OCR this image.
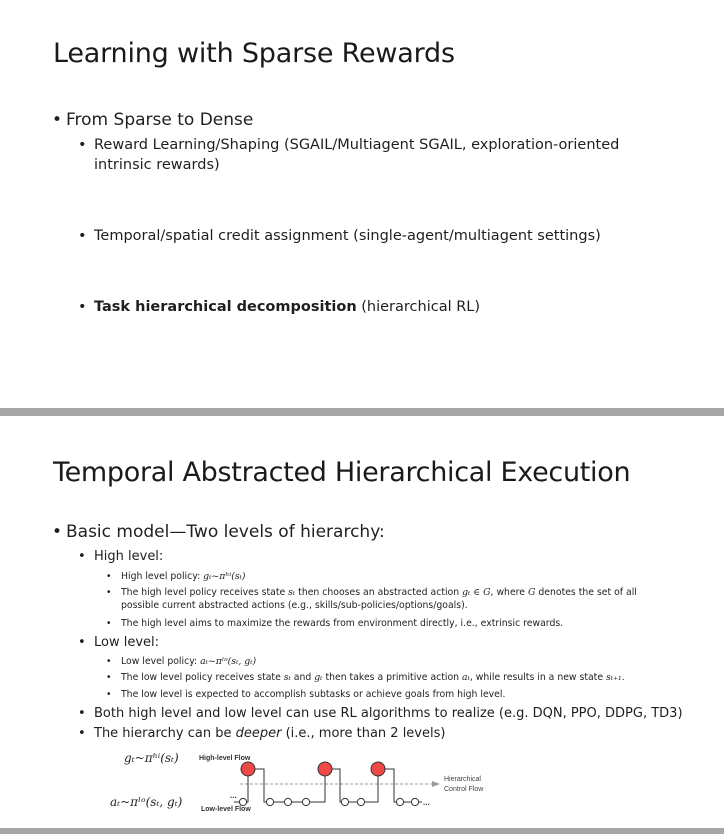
Learning with Sparse Rewards
• From Sparse to Dense

• Reward Learning/Shaping (SGAIL/Multiagent SGAIL, exploration-oriented

intrinsic rewards)

• Temporal/spatial credit assignment (single-agent/multiagent settings)

• Task hierarchical decomposition (hierarchical RL)

Temporal Abstracted Hierarchical Execution
• Basic model—Two levels of hierarchy:

• High level:

• High level policy: gₜ~πʰⁱ(sₜ)

• The high level policy receives state sₜ then chooses an abstracted action gₜ ∈ G, where G denotes the set of all

possible current abstracted actions (e.g., skills/sub-policies/options/goals).

• The high level aims to maximize the rewards from environment directly, i.e., extrinsic rewards.

• Low level:

• Low level policy: aₜ~πˡᵒ(sₜ, gₜ)

• The low level policy receives state sₜ and gₜ then takes a primitive action aₜ, while results in a new state sₜ₊₁.

• The low level is expected to accomplish subtasks or achieve goals from high level.

• Both high level and low level can use RL algorithms to realize (e.g. DQN, PPO, DDPG, TD3)

• The hierarchy can be deeper (i.e., more than 2 levels)

gₜ~πʰⁱ(sₜ)	High-level Flow
aₜ~πˡᵒ(sₜ, gₜ)
Low-level Flow
Hierarchical
Control Flow
...
...
